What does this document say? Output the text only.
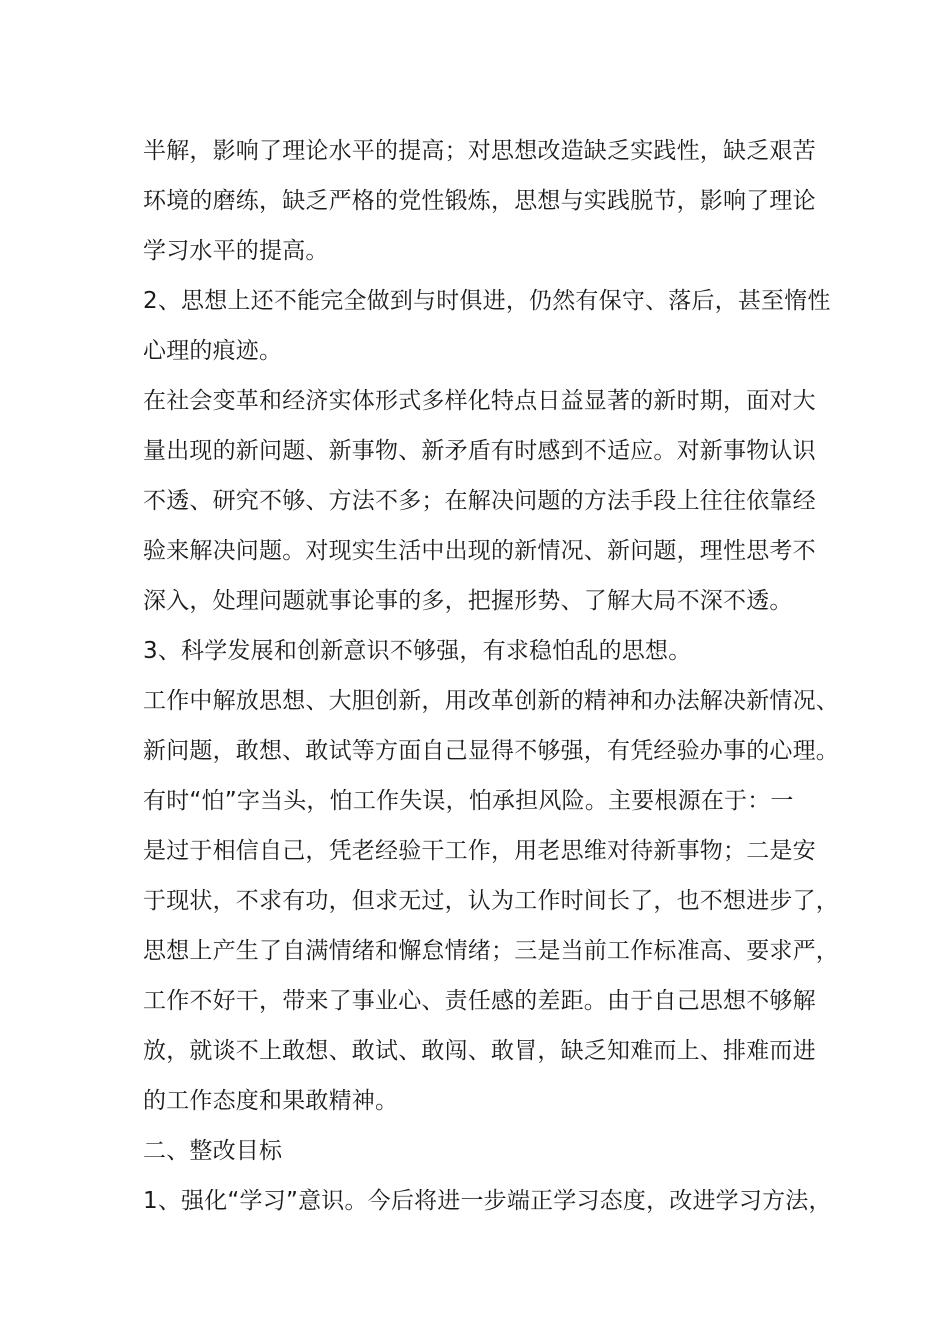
半解，影响了理论水平的提高；对思想改造缺乏实践性，缺乏艰苦
环境的磨练，缺乏严格的党性锻炼，思想与实践脱节，影响了理论
学习水平的提高。
2、思想上还不能完全做到与时俱进，仍然有保守、落后，甚至惰性
心理的痕迹。
在社会变革和经济实体形式多样化特点日益显著的新时期，面对大
量出现的新问题、新事物、新矛盾有时感到不适应。对新事物认识
不透、研究不够、方法不多；在解决问题的方法手段上往往依靠经
验来解决问题。对现实生活中出现的新情况、新问题，理性思考不
深入，处理问题就事论事的多，把握形势、了解大局不深不透。
3、科学发展和创新意识不够强，有求稳怕乱的思想。
工作中解放思想、大胆创新，用改革创新的精神和办法解决新情况、
新问题，敢想、敢试等方面自己显得不够强，有凭经验办事的心理。
有时“怕”字当头，怕工作失误，怕承担风险。主要根源在于：一
是过于相信自己，凭老经验干工作，用老思维对待新事物；二是安
于现状，不求有功，但求无过，认为工作时间长了，也不想进步了，
思想上产生了自满情绪和懈怠情绪；三是当前工作标准高、要求严，
工作不好干，带来了事业心、责任感的差距。由于自己思想不够解
放，就谈不上敢想、敢试、敢闯、敢冒，缺乏知难而上、排难而进
的工作态度和果敢精神。
二、整改目标
1、强化“学习”意识。今后将进一步端正学习态度，改进学习方法，
